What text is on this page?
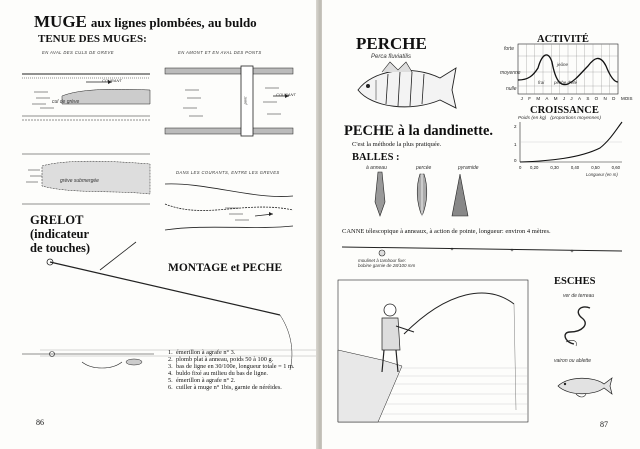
MUGE aux lignes plombées, au buldo
TENUE DES MUGES:
EN AVAL DES CULS DE GREVE
COURANT
cul de grève
EN AMONT ET EN AVAL DES PONTS
pont
COURANT
grève submergée
DANS LES COURANTS, ENTRE LES GREVES
GRELOT
(indicateur
de touches)
MONTAGE et PECHE
1. émerillon à agrafe n° 3.
2. plomb plat à anneau, poids 50 à 100 g.
3. bas de ligne en 30/100e, longueur totale = 1 m.
4. buldo fixé au milieu du bas de ligne.
5. émerillon à agrafe n° 2.
6. cuiller à muge n° 1bis, garnie de néréides.
86
PERCHE
Perca fluviatilis
ACTIVITÉ
forte
moyenne
nulle
jeûne
frai pêche d'été
J F M A M J J A S O N D MOIS
CROISSANCE
Poids (en kg)   (proportions moyennes)
2
1
0
0 0,20	0,30	0,40	0,50	0,60
Longueur (en m)
PECHE à la dandinette.
C'est la méthode la plus pratiquée.
BALLES :
à anneau	percée	pyramide
CANNE télescopique à anneaux, à action de pointe, longueur: environ 4 mètres.
moulinet à tambour fixe:
bobine garnie de 28/100 mm
ESCHES
ver de terreau
vairon ou ablette
87
